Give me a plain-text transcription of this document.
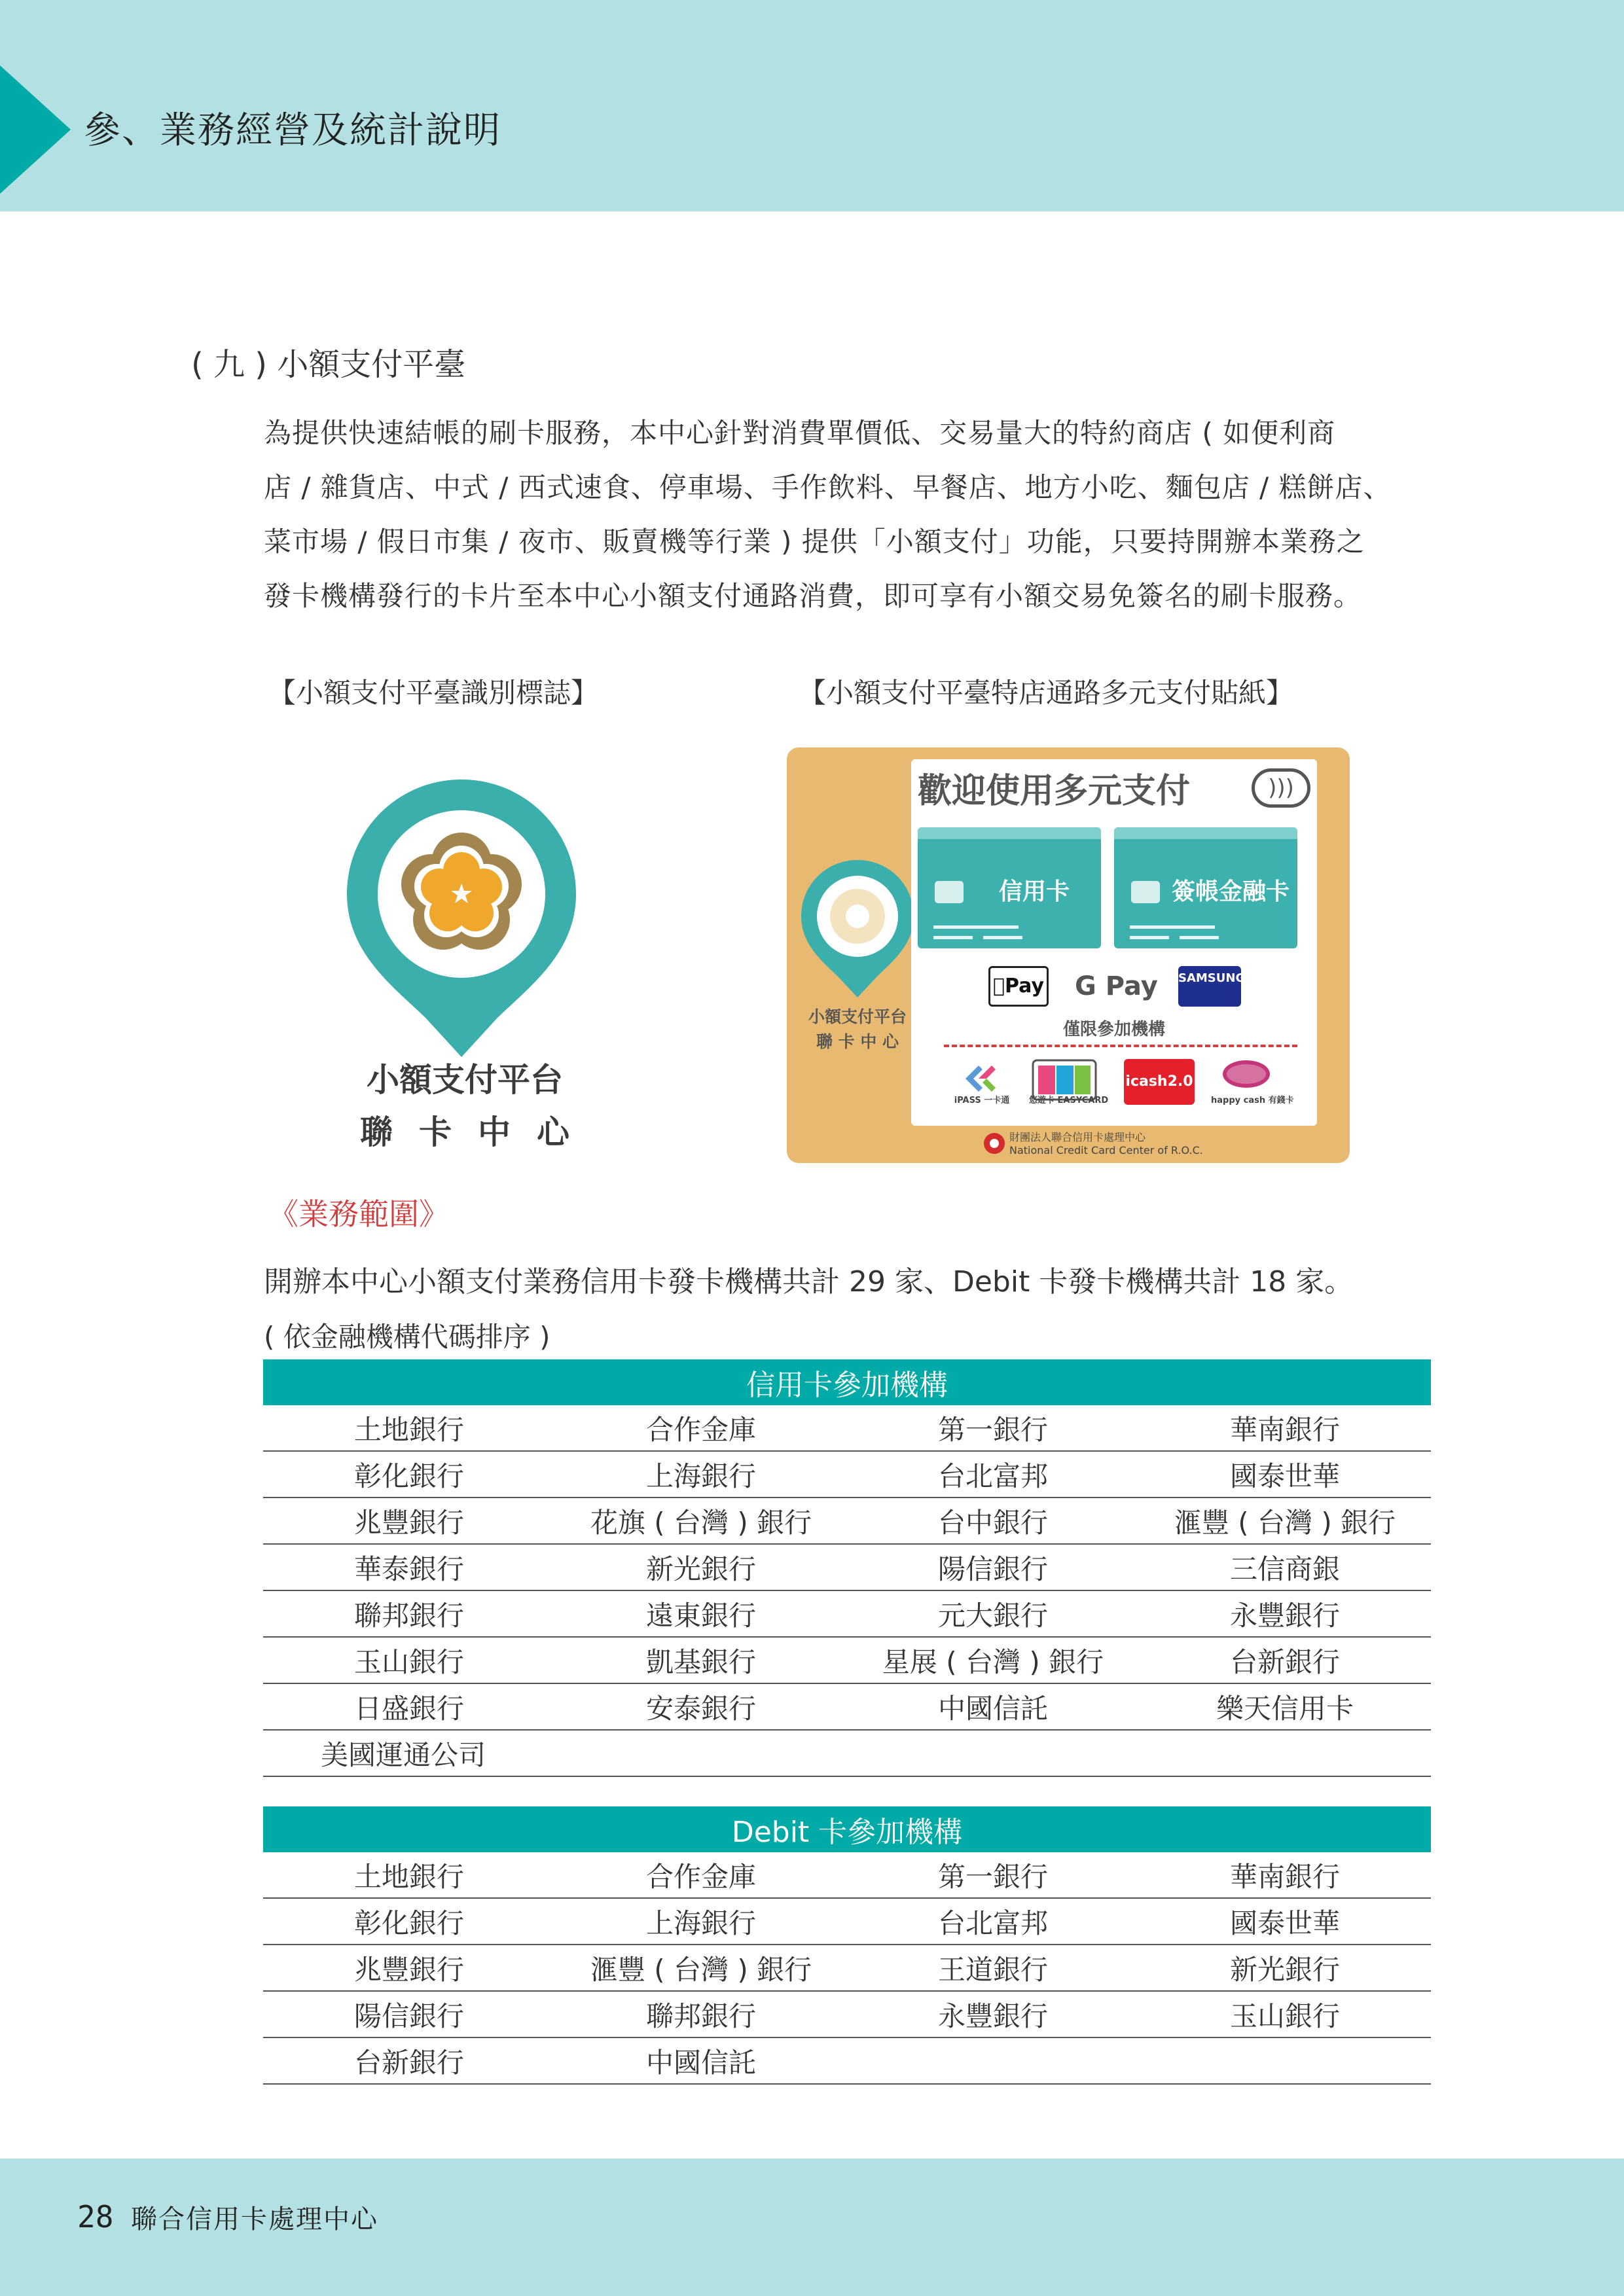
參、業務經營及統計說明
( 九 ) 小額支付平臺

為提供快速結帳的刷卡服務，本中心針對消費單價低、交易量大的特約商店 ( 如便利商

店 / 雜貨店、中式 / 西式速食、停車場、手作飲料、早餐店、地方小吃、麵包店 / 糕餅店、

菜市場 / 假日市集 / 夜市、販賣機等行業 ) 提供「小額支付」功能，只要持開辦本業務之

發卡機構發行的卡片至本中心小額支付通路消費，即可享有小額交易免簽名的刷卡服務。

【小額支付平臺識別標誌】	【小額支付平臺特店通路多元支付貼紙】
小額支付平台
聯卡中心
小額支付平台
聯 卡 中 心
歡迎使用多元支付	)))
信用卡	簽帳金融卡
Pay	G Pay SAMSUNG pay
僅限參加機構
iPASS 一卡通	悠遊卡 EASYCARD
icash2.0
happy cash 有錢卡
財團法人聯合信用卡處理中心
National Credit Card Center of R.O.C.
《業務範圍》
開辦本中心小額支付業務信用卡發卡機構共計 29 家、Debit 卡發卡機構共計 18 家。
( 依金融機構代碼排序 )
信用卡參加機構			
土地銀行	合作金庫	第一銀行	華南銀行
彰化銀行	上海銀行	台北富邦	國泰世華
兆豐銀行	花旗 ( 台灣 ) 銀行	台中銀行	滙豐 ( 台灣 ) 銀行
華泰銀行	新光銀行	陽信銀行	三信商銀
聯邦銀行	遠東銀行	元大銀行	永豐銀行
玉山銀行	凱基銀行	星展 ( 台灣 ) 銀行	台新銀行
日盛銀行	安泰銀行	中國信託	樂天信用卡
美國運通公司			
Debit 卡參加機構			
土地銀行	合作金庫	第一銀行	華南銀行
彰化銀行	上海銀行	台北富邦	國泰世華
兆豐銀行	滙豐 ( 台灣 ) 銀行	王道銀行	新光銀行
陽信銀行	聯邦銀行	永豐銀行	玉山銀行
台新銀行	中國信託		
28 聯合信用卡處理中心
